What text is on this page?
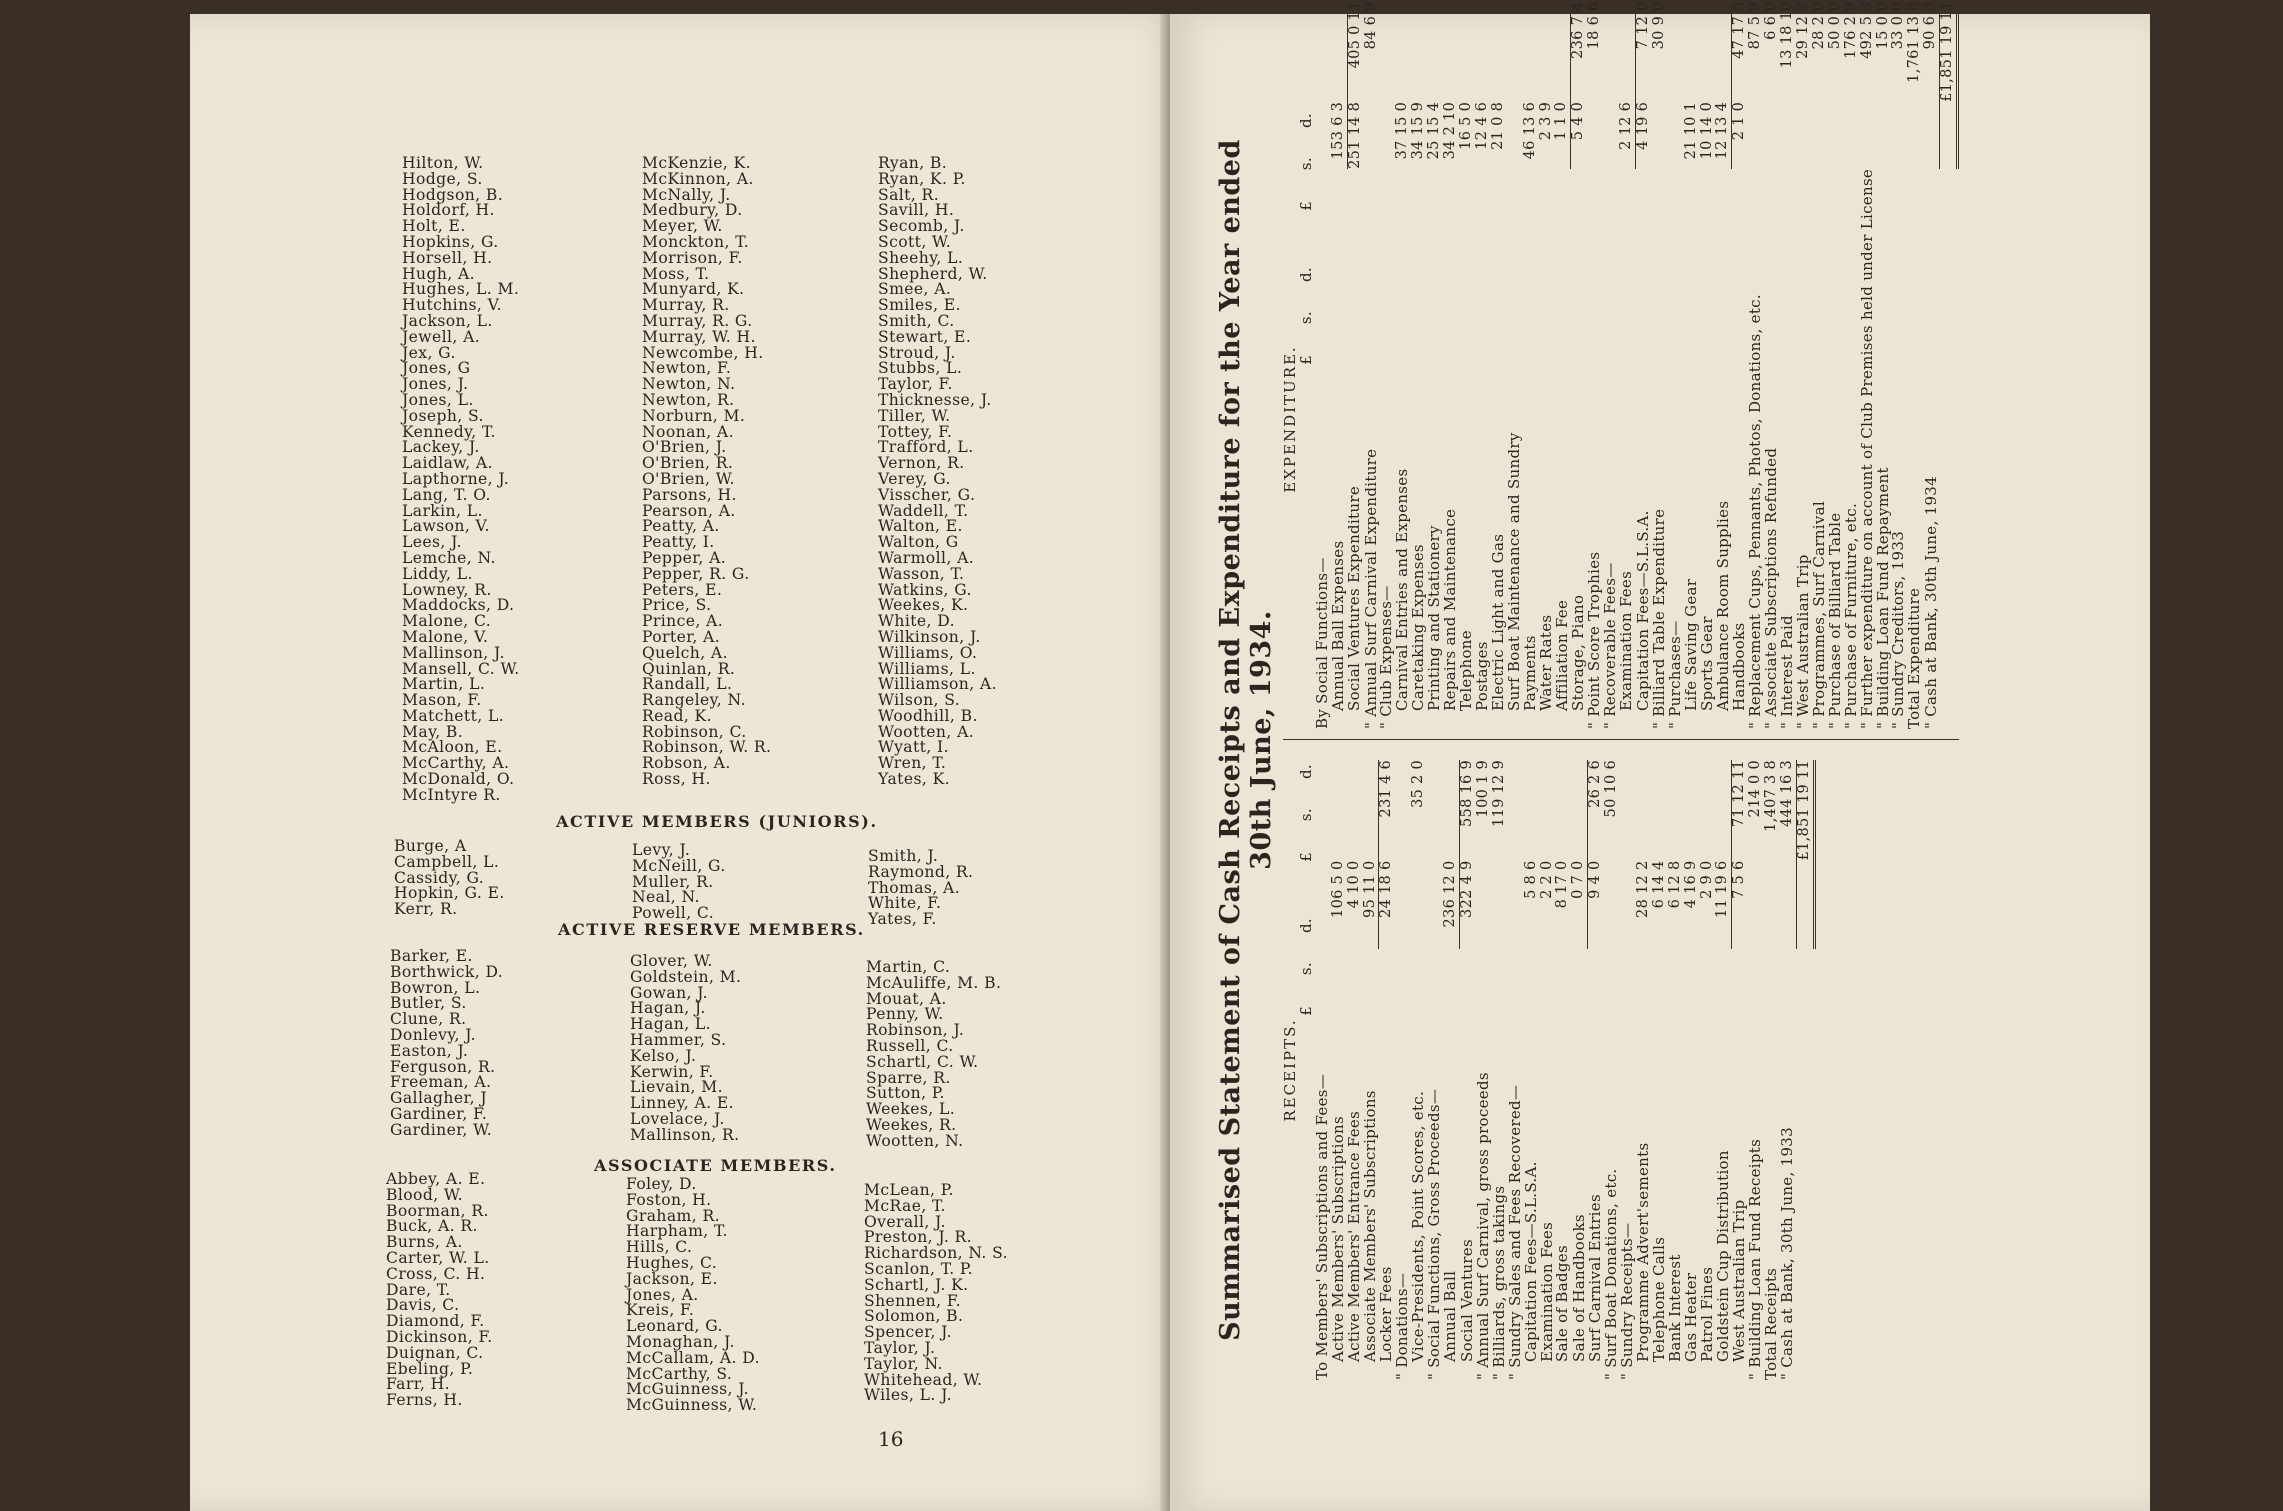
Hilton, W.
Hodge, S.
Hodgson, B.
Holdorf, H.
Holt, E.
Hopkins, G.
Horsell, H.
Hugh, A.
Hughes, L. M.
Hutchins, V.
Jackson, L.
Jewell, A.
Jex, G.
Jones, G
Jones, J.
Jones, L.
Joseph, S.
Kennedy, T.
Lackey, J.
Laidlaw, A.
Lapthorne, J.
Lang, T. O.
Larkin, L.
Lawson, V.
Lees, J.
Lemche, N.
Liddy, L.
Lowney, R.
Maddocks, D.
Malone, C.
Malone, V.
Mallinson, J.
Mansell, C. W.
Martin, L.
Mason, F.
Matchett, L.
May, B.
McAloon, E.
McCarthy, A.
McDonald, O.
McIntyre R.
McKenzie, K.
McKinnon, A.
McNally, J.
Medbury, D.
Meyer, W.
Monckton, T.
Morrison, F.
Moss, T.
Munyard, K.
Murray, R.
Murray, R. G.
Murray, W. H.
Newcombe, H.
Newton, F.
Newton, N.
Newton, R.
Norburn, M.
Noonan, A.
O'Brien, J.
O'Brien, R.
O'Brien, W.
Parsons, H.
Pearson, A.
Peatty, A.
Peatty, I.
Pepper, A.
Pepper, R. G.
Peters, E.
Price, S.
Prince, A.
Porter, A.
Quelch, A.
Quinlan, R.
Randall, L.
Rangeley, N.
Read, K.
Robinson, C.
Robinson, W. R.
Robson, A.
Ross, H.
Ryan, B.
Ryan, K. P.
Salt, R.
Savill, H.
Secomb, J.
Scott, W.
Sheehy, L.
Shepherd, W.
Smee, A.
Smiles, E.
Smith, C.
Stewart, E.
Stroud, J.
Stubbs, L.
Taylor, F.
Thicknesse, J.
Tiller, W.
Tottey, F.
Trafford, L.
Vernon, R.
Verey, G.
Visscher, G.
Waddell, T.
Walton, E.
Walton, G
Warmoll, A.
Wasson, T.
Watkins, G.
Weekes, K.
White, D.
Wilkinson, J.
Williams, O.
Williams, L.
Williamson, A.
Wilson, S.
Woodhill, B.
Wootten, A.
Wyatt, I.
Wren, T.
Yates, K.
ACTIVE MEMBERS (JUNIORS).
Burge, A
Campbell, L.
Cassidy, G.
Hopkin, G. E.
Kerr, R.
Levy, J.
McNeill, G.
Muller, R.
Neal, N.
Powell, C.
Smith, J.
Raymond, R.
Thomas, A.
White, F.
Yates, F.
ACTIVE RESERVE MEMBERS.
Barker, E.
Borthwick, D.
Bowron, L.
Butler, S.
Clune, R.
Donlevy, J.
Easton, J.
Ferguson, R.
Freeman, A.
Gallagher, J
Gardiner, F.
Gardiner, W.
Glover, W.
Goldstein, M.
Gowan, J.
Hagan, J.
Hagan, L.
Hammer, S.
Kelso, J.
Kerwin, F.
Lievain, M.
Linney, A. E.
Lovelace, J.
Mallinson, R.
Martin, C.
McAuliffe, M. B.
Mouat, A.
Penny, W.
Robinson, J.
Russell, C.
Schartl, C. W.
Sparre, R.
Sutton, P.
Weekes, L.
Weekes, R.
Wootten, N.
ASSOCIATE MEMBERS.
Abbey, A. E.
Blood, W.
Boorman, R.
Buck, A. R.
Burns, A.
Carter, W. L.
Cross, C. H.
Dare, T.
Davis, C.
Diamond, F.
Dickinson, F.
Duignan, C.
Ebeling, P.
Farr, H.
Ferns, H.
Foley, D.
Foston, H.
Graham, R.
Harpham, T.
Hills, C.
Hughes, C.
Jackson, E.
Jones, A.
Kreis, F.
Leonard, G.
Monaghan, J.
McCallam, A. D.
McCarthy, S.
McGuinness, J.
McGuinness, W.
McLean, P.
McRae, T.
Overall, J.
Preston, J. R.
Richardson, N. S.
Scanlon, T. P.
Schartl, J. K.
Shennen, F.
Solomon, B.
Spencer, J.
Taylor, J.
Taylor, N.
Whitehead, W.
Wiles, L. J.
16
Summarised Statement of Cash Receipts and Expenditure for the Year ended 30th June, 1934.
RECEIPTS.
£
s.
d.
£
s.
d.
To Members' Subscriptions and Fees—		
Active Members' Subscriptions	106 5 0	
Active Members' Entrance Fees	4 10 0	
Associate Members' Subscriptions	95 11 0	
Locker Fees	24 18 6	231 4 6
" Donations—		
Vice-Presidents, Point Scores, etc.		35 2 0
" Social Functions, Gross Proceeds—		
Annual Ball	236 12 0	
Social Ventures	322 4 9	558 16 9
" Annual Surf Carnival, gross proceeds		100 1 9
" Billiards, gross takings		119 12 9
" Sundry Sales and Fees Recovered—		
Capitation Fees—S.L.S.A.	5 8 6	
Examination Fees	2 2 0	
Sale of Badges	8 17 0	
Sale of Handbooks	0 7 0	
Surf Carnival Entries	9 4 0	26 2 6
" Surf Boat Donations, etc.		50 10 6
" Sundry Receipts—		
Programme Advert'sements	28 12 2	
Telephone Calls	6 14 4	
Bank Interest	6 12 8	
Gas Heater	4 16 9	
Patrol Fines	2 9 0	
Goldstein Cup Distribution	11 19 6	
West Australian Trip	7 5 6	71 12 11
" Building Loan Fund Receipts		214 0 0
Total Receipts		1,407 3 8
" Cash at Bank, 30th June, 1933		444 16 3
		£1,851 19 11
EXPENDITURE.
£
s.
d.
£
s.
d.
By Social Functions—		
Annual Ball Expenses	153 6 3	
Social Ventures Expenditure	251 14 8	405 0 11
" Annual Surf Carnival Expenditure		84 6 9
" Club Expenses—		
Carnival Entries and Expenses	37 15 0	
Caretaking Expenses	34 15 9	
Printing and Stationery	25 15 4	
Repairs and Maintenance	34 2 10	
Telephone	16 5 0	
Postages	12 4 6	
Electric Light and Gas	21 0 8	
Surf Boat Maintenance and Sundry		
Payments	46 13 6	
Water Rates	2 3 9	
Affiliation Fee	1 1 0	
Storage, Piano	5 4 0	236 7 4
" Point Score Trophies		18 6 6
" Recoverable Fees—		
Examination Fees	2 12 6	
Capitation Fees—S.L.S.A.	4 19 6	7 12 0
" Billiard Table Expenditure		30 9 0
" Purchases—		
Life Saving Gear	21 10 1	
Sports Gear	10 14 0	
Ambulance Room Supplies	12 13 4	
Handbooks	2 1 0	47 17 5
" Replacement Cups, Pennants, Photos, Donations, etc.		87 5 9
" Associate Subscriptions Refunded		6 6 0
" Interest Paid		13 18 10
" West Australian Trip		29 12 2
" Programmes, Surf Carnival		28 2 0
" Purchase of Billiard Table		50 0 0
" Purchase of Furniture, etc.		176 2 9
" Further expenditure on account of Club Premises held under License		492 5 3
" Building Loan Fund Repayment		15 0 0
" Sundry Creditors, 1933		33 0 0
Total Expenditure		1,761 13 8
" Cash at Bank, 30th June, 1934		90 6 3
		£1,851 19 11
